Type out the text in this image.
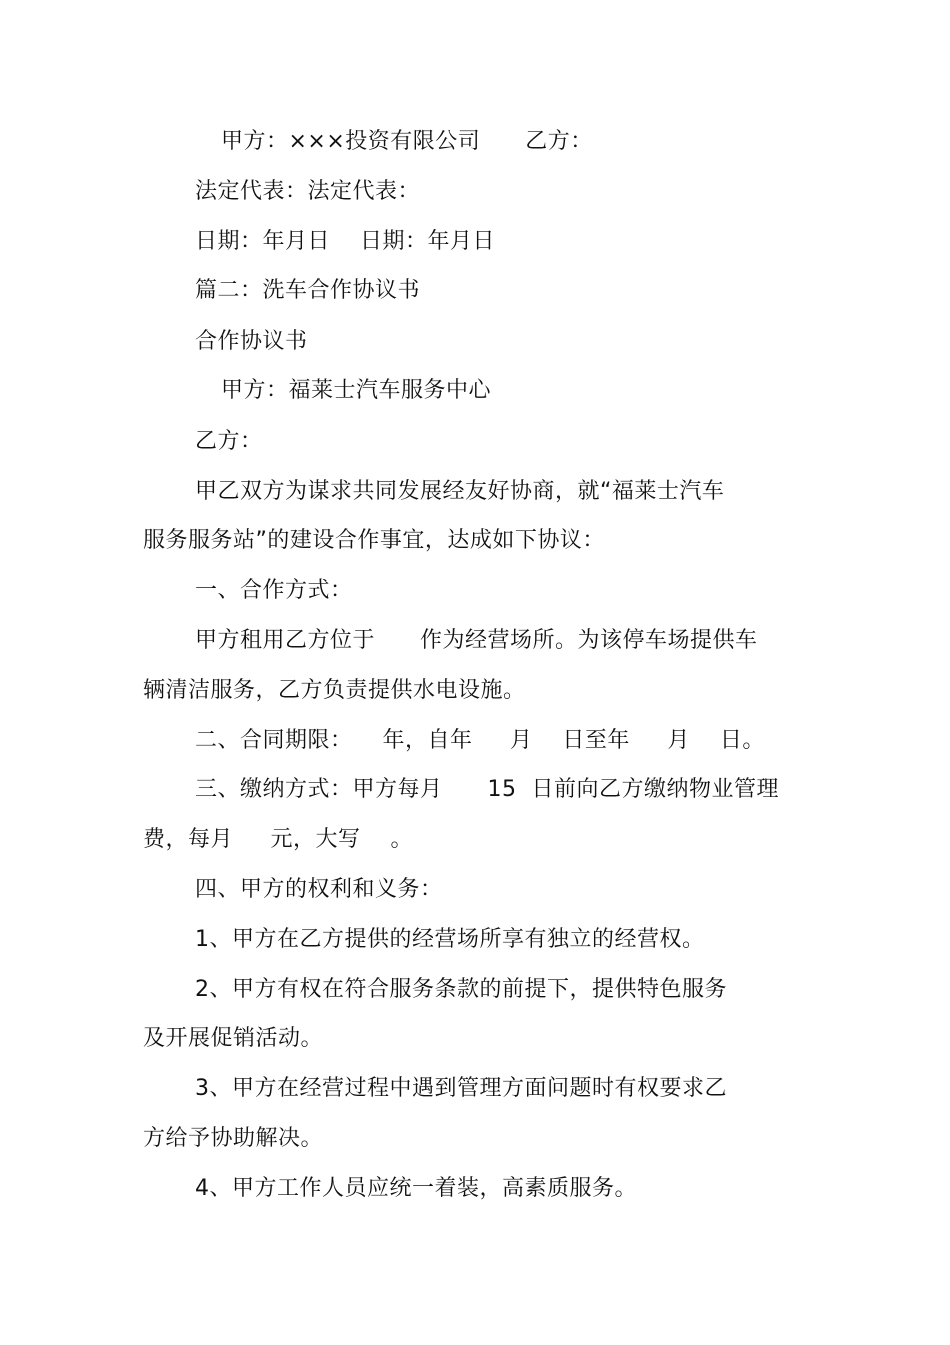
甲方：×××投资有限公司      乙方：
法定代表：法定代表：
日期：年月日    日期：年月日
篇二：洗车合作协议书
合作协议书
甲方：福莱士汽车服务中心
乙方：
甲乙双方为谋求共同发展经友好协商，就“福莱士汽车
服务服务站”的建设合作事宜，达成如下协议：
一、合作方式：
甲方租用乙方位于      作为经营场所。为该停车场提供车
辆清洁服务，乙方负责提供水电设施。
二、合同期限：    年，自年     月    日至年     月    日。
三、缴纳方式：甲方每月      15  日前向乙方缴纳物业管理
费，每月     元，大写    。
四、甲方的权利和义务：
1、甲方在乙方提供的经营场所享有独立的经营权。
2、甲方有权在符合服务条款的前提下，提供特色服务
及开展促销活动。
3、甲方在经营过程中遇到管理方面问题时有权要求乙
方给予协助解决。
4、甲方工作人员应统一着装，高素质服务。
